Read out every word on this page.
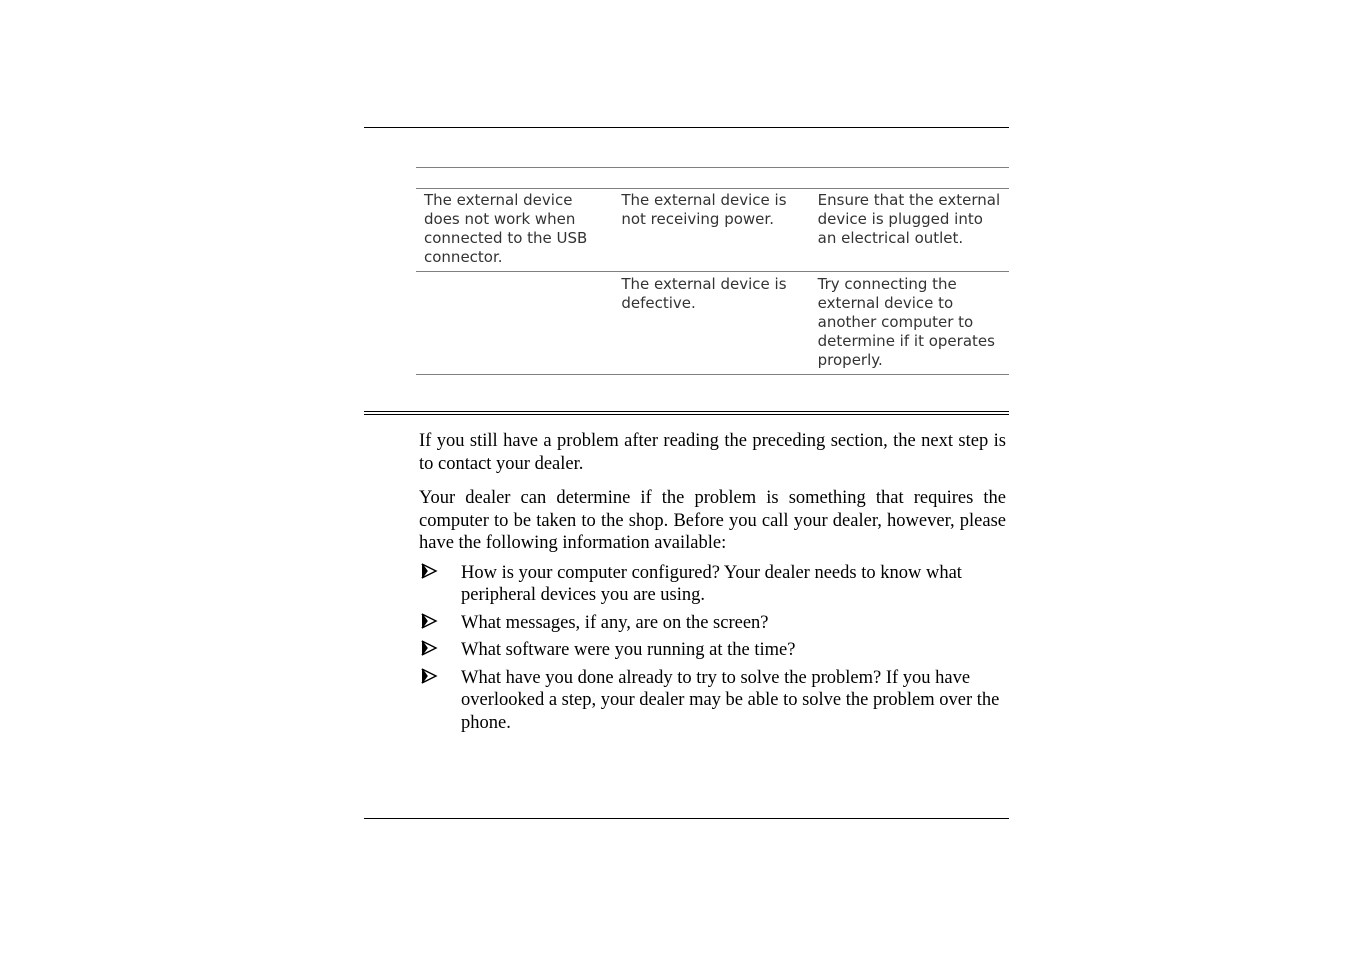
The external device does not work when connected to the USB connector.	The external device is not receiving power.	Ensure that the external device is plugged into an electrical outlet.
	The external device is defective.	Try connecting the external device to another computer to determine if it operates properly.

If you still have a problem after reading the preceding section, the next step is to contact your dealer.

Your dealer can determine if the problem is something that requires the computer to be taken to the shop. Before you call your dealer, however, please have the following information available:

How is your computer configured? Your dealer needs to know what peripheral devices you are using.
What messages, if any, are on the screen?
What software were you running at the time?
What have you done already to try to solve the problem? If you have overlooked a step, your dealer may be able to solve the problem over the phone.
